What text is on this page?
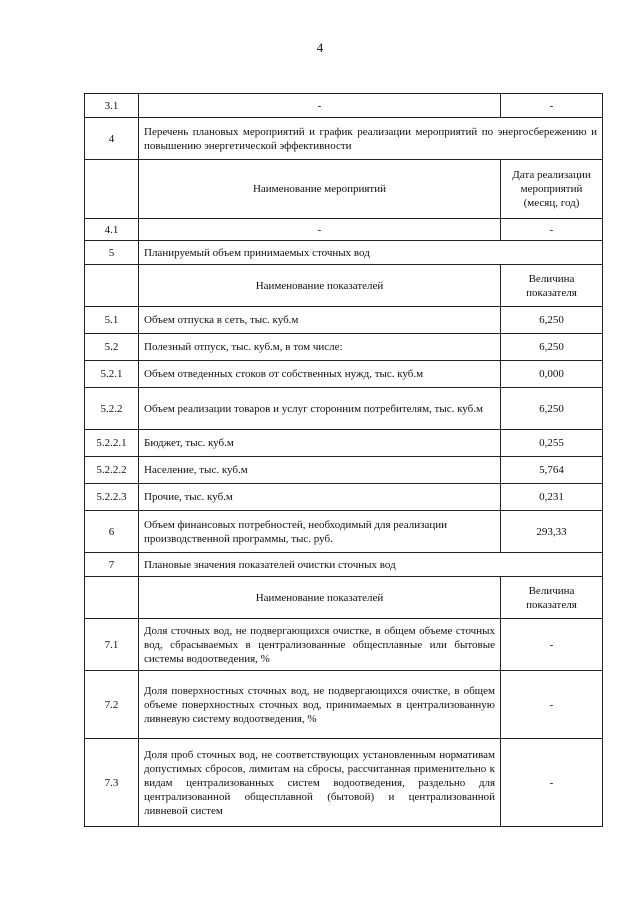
4
3.1	-	-
4	Перечень плановых мероприятий и график реализации мероприятий по энергосбережению и повышению энергетической эффективности	
	Наименование мероприятий	Дата реализации мероприятий (месяц, год)
4.1	-	-
5	Планируемый объем принимаемых сточных вод	
	Наименование показателей	Величина показателя
5.1	Объем отпуска в сеть, тыс. куб.м	6,250
5.2	Полезный отпуск, тыс. куб.м, в том числе:	6,250
5.2.1	Объем отведенных стоков от собственных нужд, тыс. куб.м	0,000
5.2.2	Объем реализации товаров и услуг сторонним потребителям, тыс. куб.м	6,250
5.2.2.1	Бюджет, тыс. куб.м	0,255
5.2.2.2	Население, тыс. куб.м	5,764
5.2.2.3	Прочие, тыс. куб.м	0,231
6	Объем финансовых потребностей, необходимый для реализации производственной программы, тыс. руб.	293,33
7	Плановые значения показателей очистки сточных вод	
	Наименование показателей	Величина показателя
7.1	Доля сточных вод, не подвергающихся очистке, в общем объеме сточных вод, сбрасываемых в централизованные общесплавные или бытовые системы водоотведения, %	-
7.2	Доля поверхностных сточных вод, не подвергающихся очистке, в общем объеме поверхностных сточных вод, принимаемых в централизованную ливневую систему водоотведения, %	-
7.3	Доля проб сточных вод, не соответствующих установленным нормативам допустимых сбросов, лимитам на сбросы, рассчитанная применительно к видам централизованных систем водоотведения, раздельно для централизованной общесплавной (бытовой) и централизованной ливневой систем	-
